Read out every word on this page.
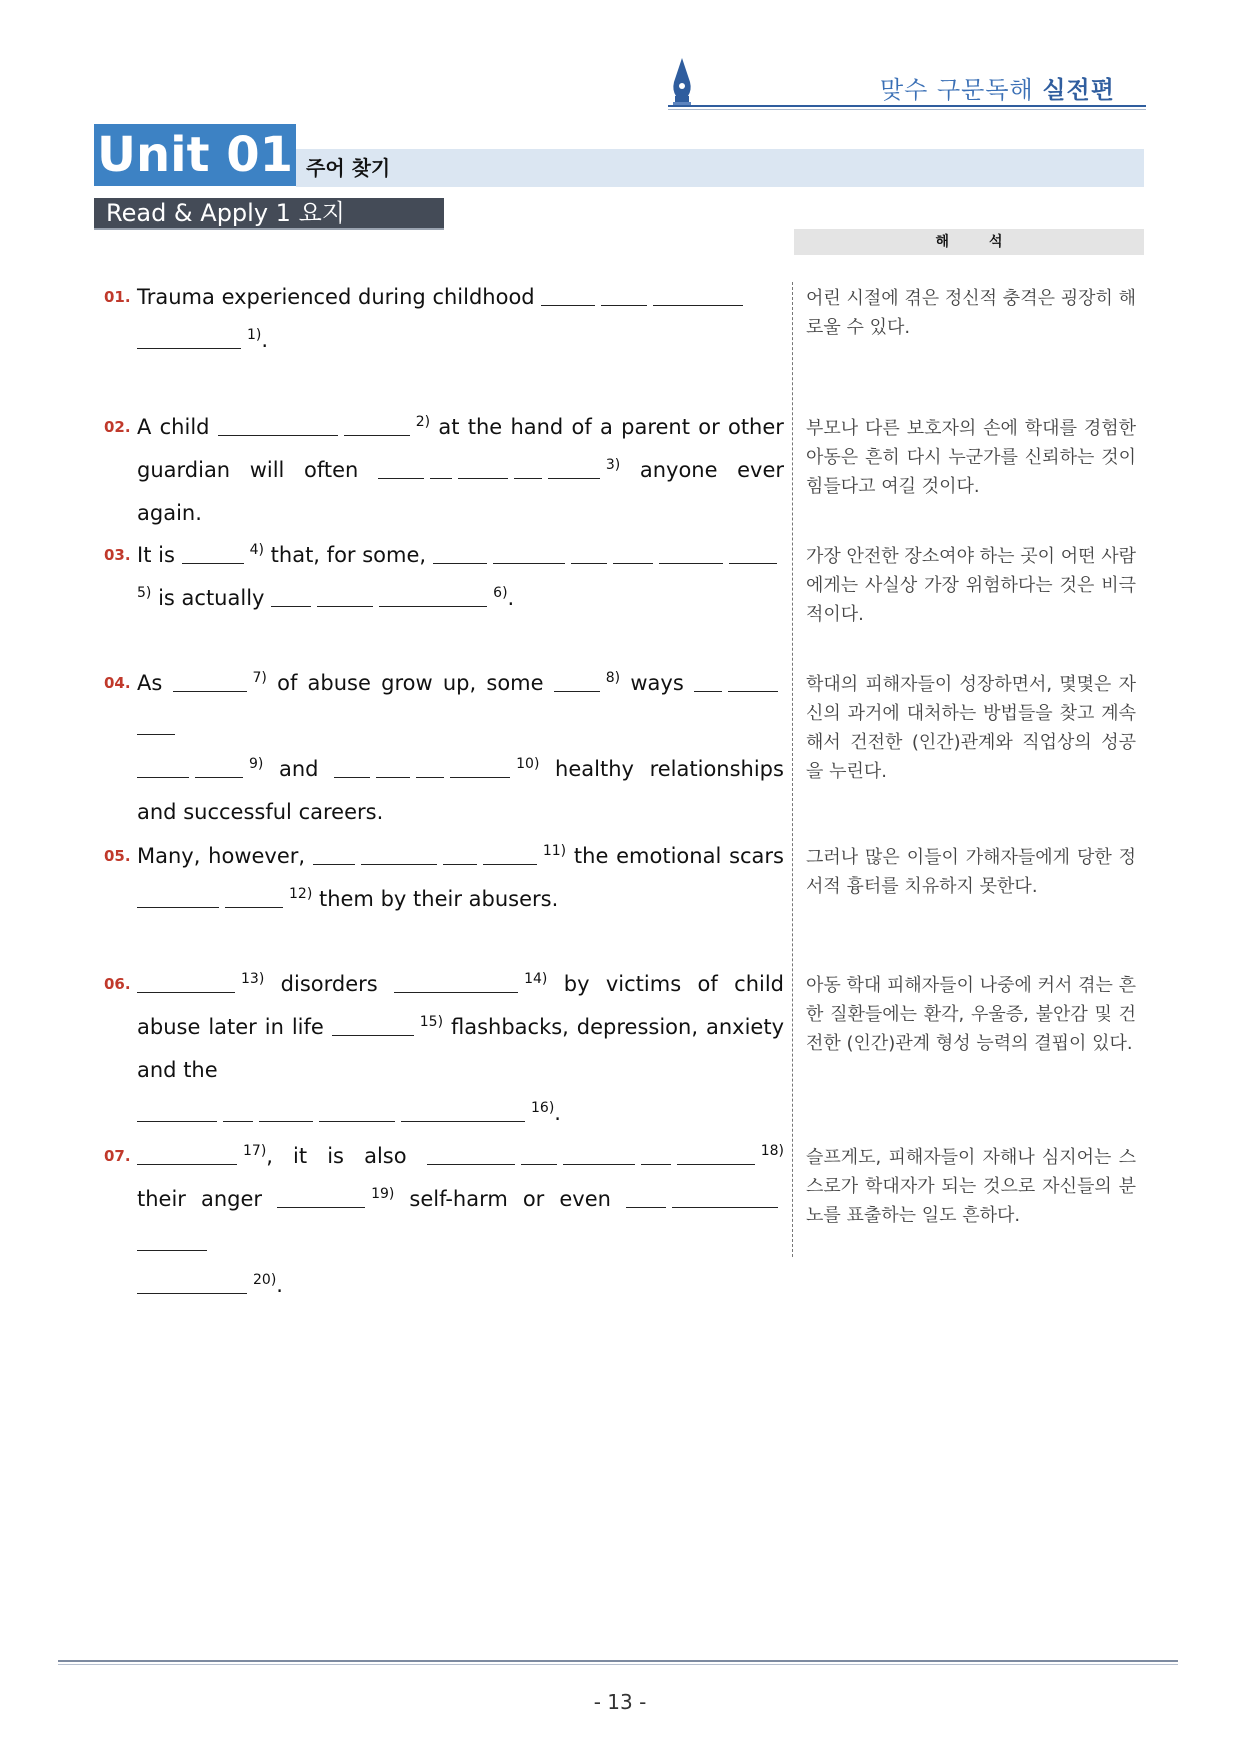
맞수 구문독해 실전편
Unit 01 주어 찾기
Read & Apply 1 요지
해석
01. Trauma experienced during childhood
$^{1)}$.
어린 시절에 겪은 정신적 충격은 굉장히 해로울 수 있다.
02. A child	$^{2)}$ at the hand of a parent or other guardian will often	$^{3)}$ anyone ever again.
부모나 다른 보호자의 손에 학대를 경험한 아동은 흔히 다시 누군가를 신뢰하는 것이 힘들다고 여길 것이다.
03. It is	$^{4)}$ that, for some,
$^{5)}$ is actually	$^{6)}$.
가장 안전한 장소여야 하는 곳이 어떤 사람에게는 사실상 가장 위험하다는 것은 비극적이다.
04. As	$^{7)}$ of abuse grow up, some	$^{8)}$ ways
$^{9)}$ and	$^{10)}$ healthy relationships and successful careers.
학대의 피해자들이 성장하면서, 몇몇은 자신의 과거에 대처하는 방법들을 찾고 계속해서 건전한 (인간)관계와 직업상의 성공을 누린다.
05. Many, however,	$^{11)}$ the emotional scars $^{12)}$ them by their abusers.
그러나 많은 이들이 가해자들에게 당한 정서적 흉터를 치유하지 못한다.
06.	$^{13)}$ disorders	$^{14)}$ by victims of child abuse later in life	$^{15)}$ flashbacks, depression, anxiety and the
$^{16)}$.
아동 학대 피해자들이 나중에 커서 겪는 흔한 질환들에는 환각, 우울증, 불안감 및 건전한 (인간)관계 형성 능력의 결핍이 있다.
07.	$^{17)}$, it is also	$^{18)}$ their anger	$^{19)}$ self-harm or even
$^{20)}$.
슬프게도, 피해자들이 자해나 심지어는 스스로가 학대자가 되는 것으로 자신들의 분노를 표출하는 일도 흔하다.
- 13 -
